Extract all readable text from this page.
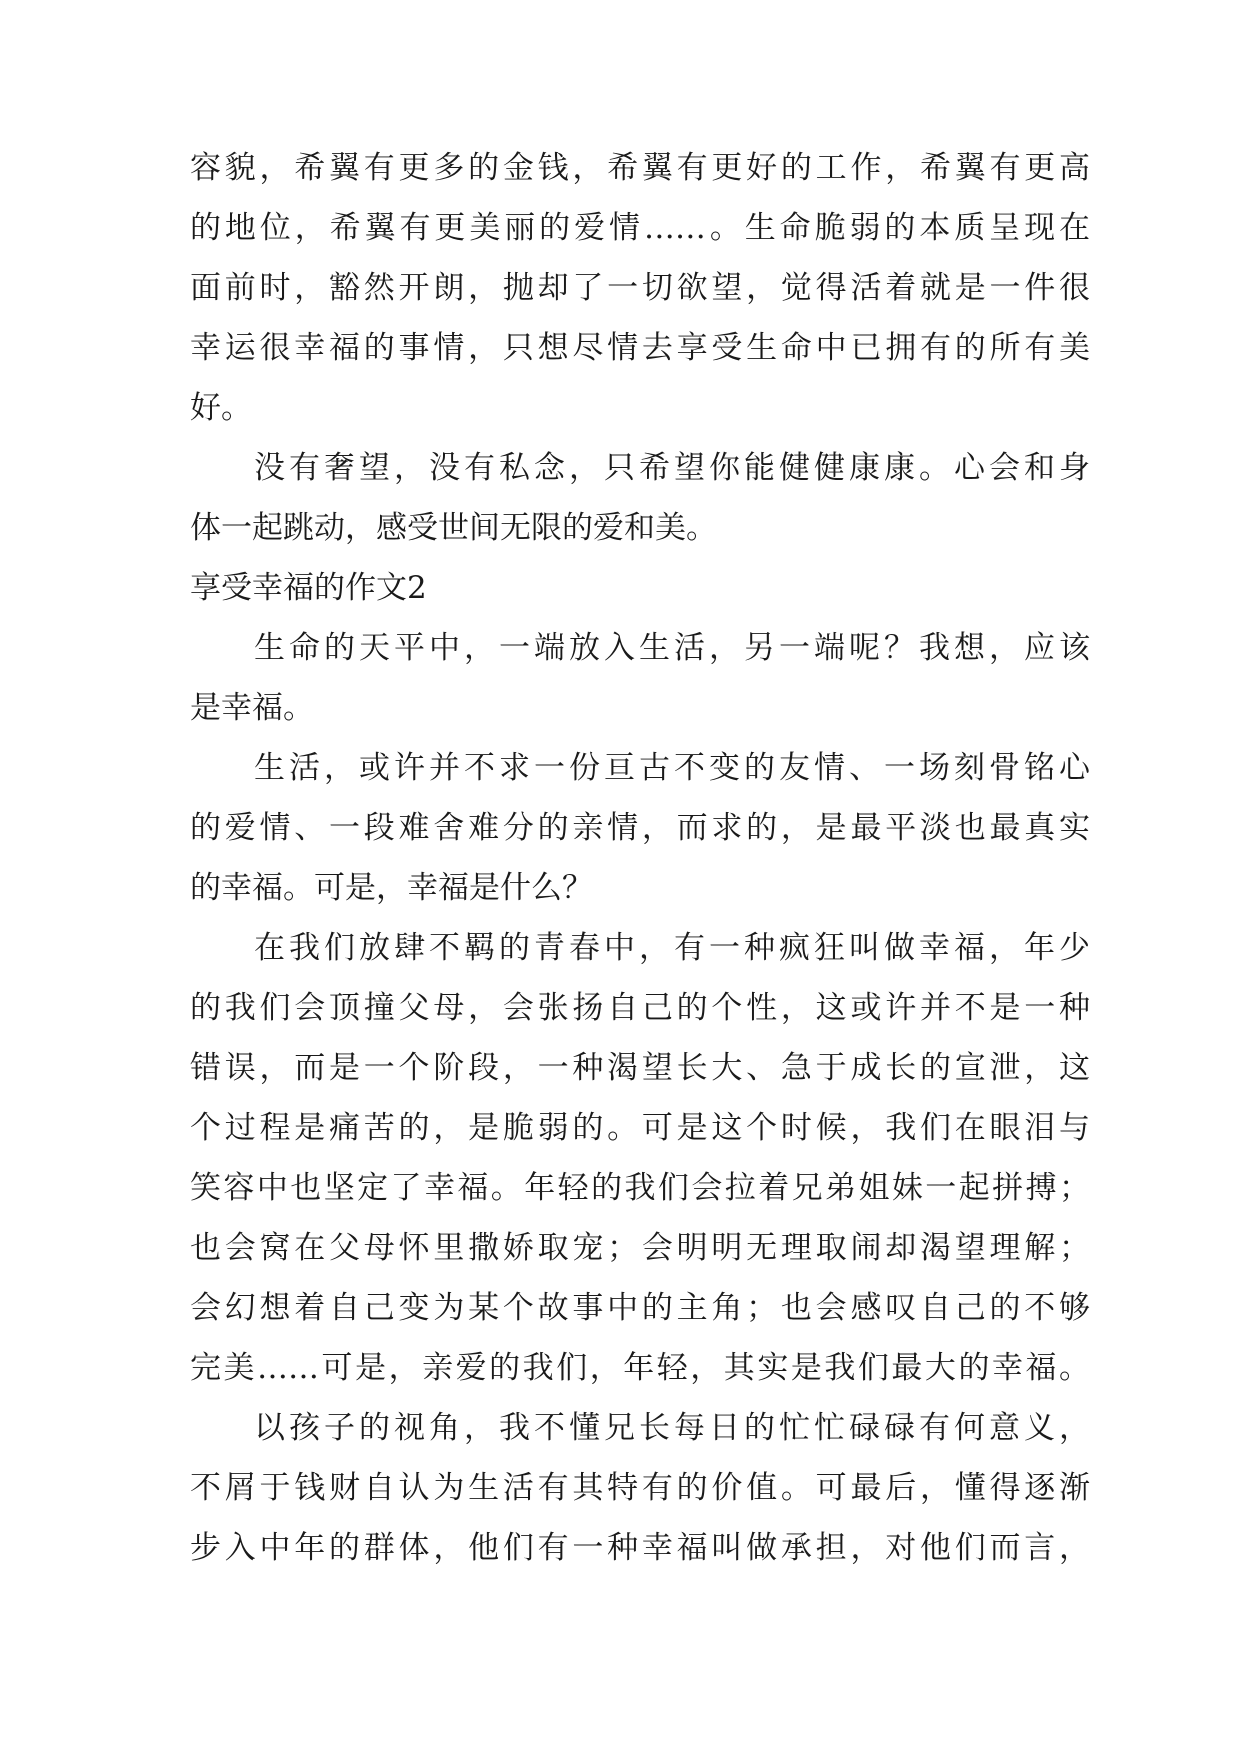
容貌，希翼有更多的金钱，希翼有更好的工作，希翼有更高
的地位，希翼有更美丽的爱情……。生命脆弱的本质呈现在
面前时，豁然开朗，抛却了一切欲望，觉得活着就是一件很
幸运很幸福的事情，只想尽情去享受生命中已拥有的所有美
好。
没有奢望，没有私念，只希望你能健健康康。心会和身
体一起跳动，感受世间无限的爱和美。
享受幸福的作文2
生命的天平中，一端放入生活，另一端呢？我想，应该
是幸福。
生活，或许并不求一份亘古不变的友情、一场刻骨铭心
的爱情、一段难舍难分的亲情，而求的，是最平淡也最真实
的幸福。可是，幸福是什么？
在我们放肆不羁的青春中，有一种疯狂叫做幸福，年少
的我们会顶撞父母，会张扬自己的个性，这或许并不是一种
错误，而是一个阶段，一种渴望长大、急于成长的宣泄，这
个过程是痛苦的，是脆弱的。可是这个时候，我们在眼泪与
笑容中也坚定了幸福。年轻的我们会拉着兄弟姐妹一起拼搏；
也会窝在父母怀里撒娇取宠；会明明无理取闹却渴望理解；
会幻想着自己变为某个故事中的主角；也会感叹自己的不够
完美……可是，亲爱的我们，年轻，其实是我们最大的幸福。
以孩子的视角，我不懂兄长每日的忙忙碌碌有何意义，
不屑于钱财自认为生活有其特有的价值。可最后，懂得逐渐
步入中年的群体，他们有一种幸福叫做承担，对他们而言，
